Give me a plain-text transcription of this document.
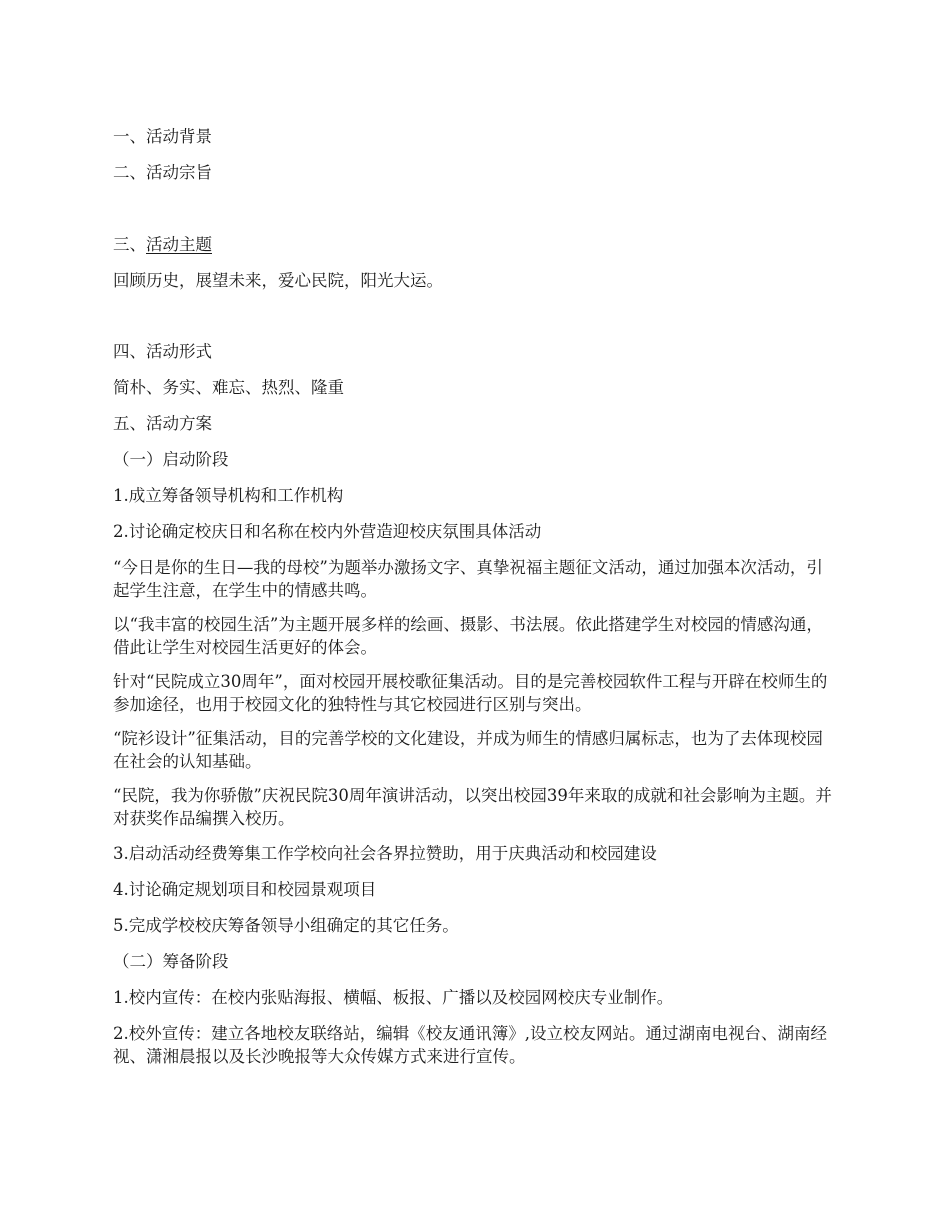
一、活动背景
二、活动宗旨
三、活动主题
回顾历史，展望未来，爱心民院，阳光大运。
四、活动形式
简朴、务实、难忘、热烈、隆重
五、活动方案
（一）启动阶段
1.成立筹备领导机构和工作机构
2.讨论确定校庆日和名称在校内外营造迎校庆氛围具体活动
“今日是你的生日—我的母校”为题举办激扬文字、真挚祝福主题征文活动，通过加强本次活动，引起学生注意，在学生中的情感共鸣。
以“我丰富的校园生活”为主题开展多样的绘画、摄影、书法展。依此搭建学生对校园的情感沟通，借此让学生对校园生活更好的体会。
针对“民院成立30周年”，面对校园开展校歌征集活动。目的是完善校园软件工程与开辟在校师生的参加途径，也用于校园文化的独特性与其它校园进行区别与突出。
“院衫设计”征集活动，目的完善学校的文化建设，并成为师生的情感归属标志，也为了去体现校园在社会的认知基础。
“民院，我为你骄傲”庆祝民院30周年演讲活动，以突出校园39年来取的成就和社会影响为主题。并对获奖作品编撰入校历。
3.启动活动经费筹集工作学校向社会各界拉赞助，用于庆典活动和校园建设
4.讨论确定规划项目和校园景观项目
5.完成学校校庆筹备领导小组确定的其它任务。
（二）筹备阶段
1.校内宣传：在校内张贴海报、横幅、板报、广播以及校园网校庆专业制作。
2.校外宣传：建立各地校友联络站，编辑《校友通讯簿》,设立校友网站。通过湖南电视台、湖南经视、潇湘晨报以及长沙晚报等大众传媒方式来进行宣传。
